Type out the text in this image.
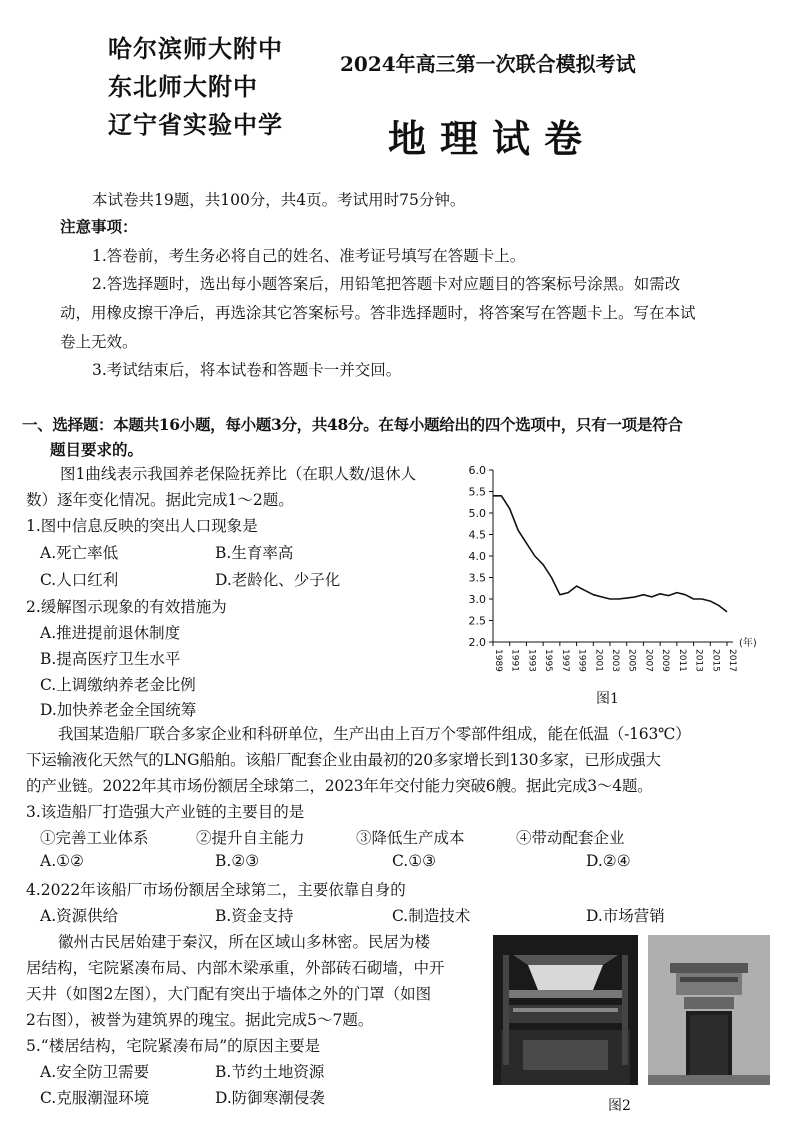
哈尔滨师大附中
东北师大附中
辽宁省实验中学
2024年高三第一次联合模拟考试
地理试卷
本试卷共19题，共100分，共4页。考试用时75分钟。
注意事项：
1.答卷前，考生务必将自己的姓名、准考证号填写在答题卡上。
2.答选择题时，选出每小题答案后，用铅笔把答题卡对应题目的答案标号涂黑。如需改
动，用橡皮擦干净后，再选涂其它答案标号。答非选择题时，将答案写在答题卡上。写在本试
卷上无效。
3.考试结束后，将本试卷和答题卡一并交回。
一、选择题：本题共16小题，每小题3分，共48分。在每小题给出的四个选项中，只有一项是符合
题目要求的。
图1曲线表示我国养老保险抚养比（在职人数/退休人
数）逐年变化情况。据此完成1～2题。
1.图中信息反映的突出人口现象是
A.死亡率低	B.生育率高
C.人口红利	D.老龄化、少子化
2.缓解图示现象的有效措施为
A.推进提前退休制度
B.提高医疗卫生水平
C.上调缴纳养老金比例
D.加快养老金全国统筹
2.0
2.5
3.0
3.5
4.0
4.5
5.0
5.5
6.0
1989 1991 1993 1995 1997 1999 2001 2003 2005 2007 2009 2011 2013 2015 2017
(年)
图1
我国某造船厂联合多家企业和科研单位，生产出由上百万个零部件组成，能在低温（-163℃）
下运输液化天然气的LNG船舶。该船厂配套企业由最初的20多家增长到130多家，已形成强大
的产业链。2022年其市场份额居全球第二，2023年年交付能力突破6艘。据此完成3～4题。
3.该造船厂打造强大产业链的主要目的是
①完善工业体系	②提升自主能力	③降低生产成本	④带动配套企业
A.①②	B.②③	C.①③	D.②④
4.2022年该船厂市场份额居全球第二，主要依靠自身的
A.资源供给	B.资金支持	C.制造技术	D.市场营销
徽州古民居始建于秦汉，所在区域山多林密。民居为楼
居结构，宅院紧凑布局、内部木梁承重，外部砖石砌墙，中开
天井（如图2左图），大门配有突出于墙体之外的门罩（如图
2右图），被誉为建筑界的瑰宝。据此完成5～7题。
5.“楼居结构，宅院紧凑布局”的原因主要是
A.安全防卫需要	B.节约土地资源
C.克服潮湿环境	D.防御寒潮侵袭	图2
